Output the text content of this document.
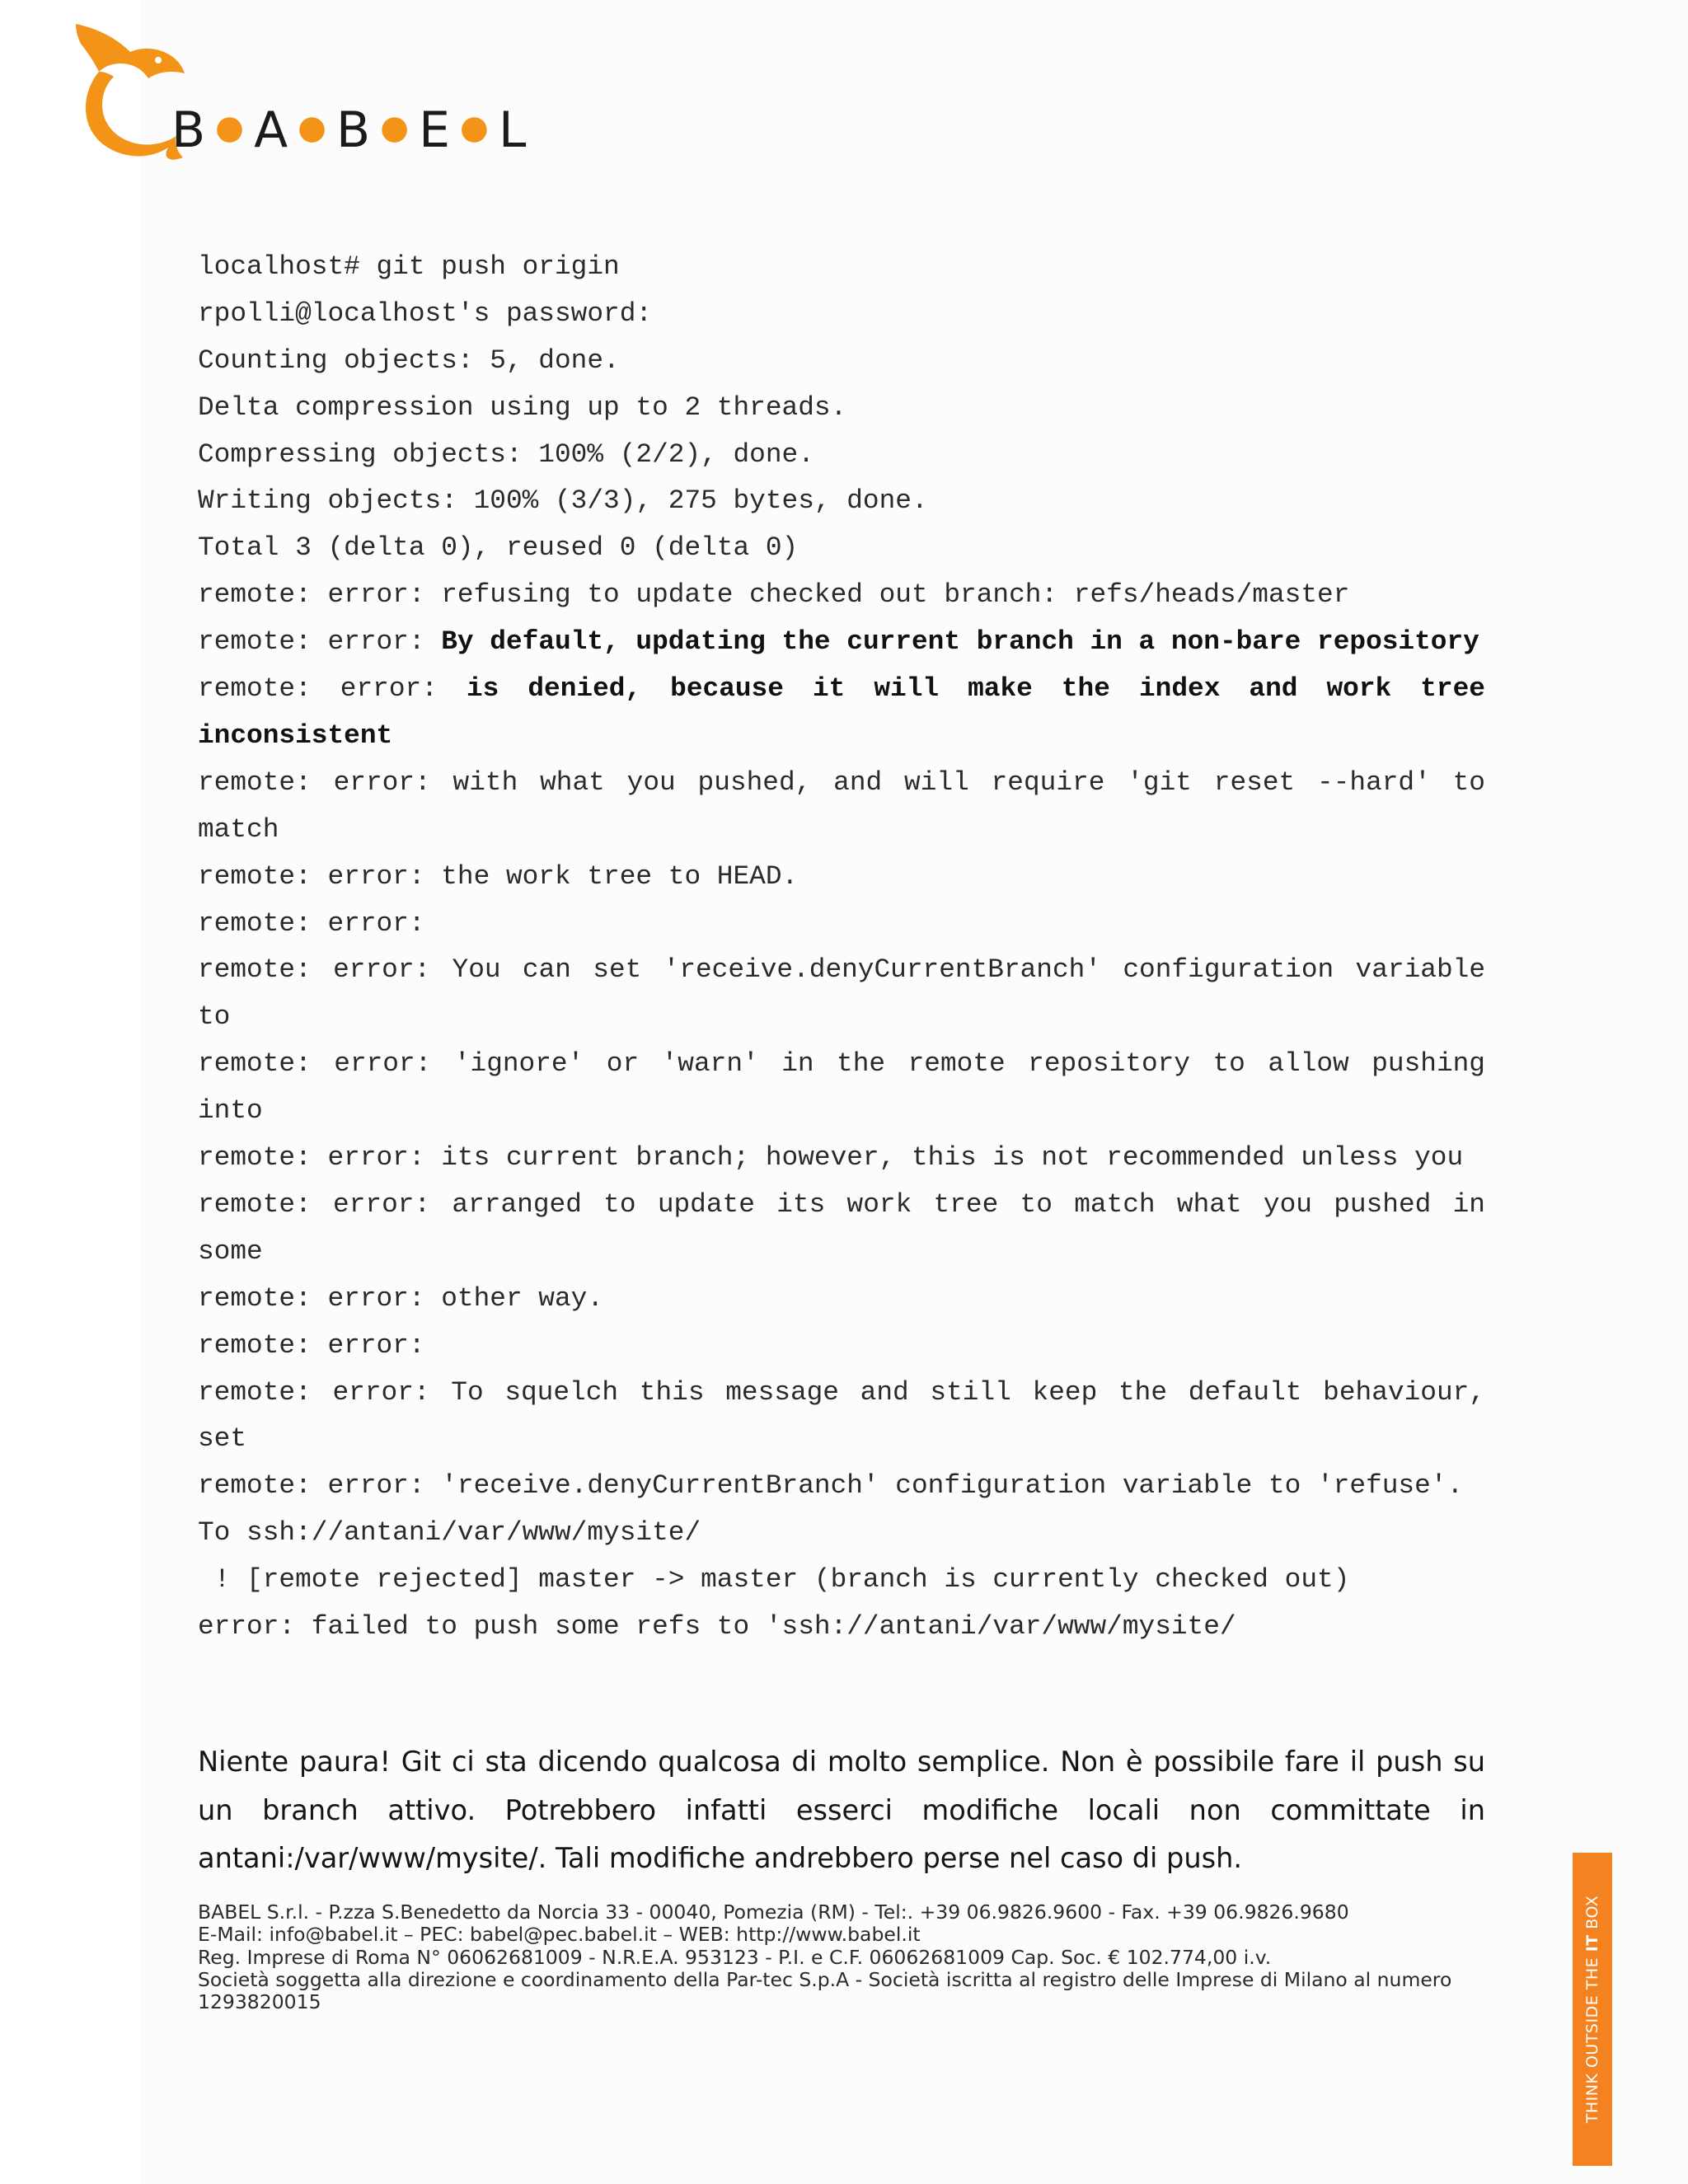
B ● A ● B ● E ● L
localhost# git push origin
rpolli@localhost's password:
Counting objects: 5, done.
Delta compression using up to 2 threads.
Compressing objects: 100% (2/2), done.
Writing objects: 100% (3/3), 275 bytes, done.
Total 3 (delta 0), reused 0 (delta 0)
remote: error: refusing to update checked out branch: refs/heads/master
remote: error: By default, updating the current branch in a non-bare repository
remote: error: is denied, because it will make the index and work tree inconsistent
remote: error: with what you pushed, and will require 'git reset --hard' to match
remote: error: the work tree to HEAD.
remote: error:
remote: error: You can set 'receive.denyCurrentBranch' configuration variable to
remote: error: 'ignore' or 'warn' in the remote repository to allow pushing into
remote: error: its current branch; however, this is not recommended unless you
remote: error: arranged to update its work tree to match what you pushed in some
remote: error: other way.
remote: error:
remote: error: To squelch this message and still keep the default behaviour, set
remote: error: 'receive.denyCurrentBranch' configuration variable to 'refuse'.
To ssh://antani/var/www/mysite/
! [remote rejected] master -> master (branch is currently checked out)
error: failed to push some refs to 'ssh://antani/var/www/mysite/

Niente paura! Git ci sta dicendo qualcosa di molto semplice. Non è possibile fare il push su un branch attivo. Potrebbero infatti esserci modifiche locali non committate in antani:/var/www/mysite/. Tali modifiche andrebbero perse nel caso di push.

BABEL S.r.l. - P.zza S.Benedetto da Norcia 33 - 00040, Pomezia (RM) - Tel:. +39 06.9826.9600 - Fax. +39 06.9826.9680
E-Mail: info@babel.it – PEC: babel@pec.babel.it – WEB: http://www.babel.it
Reg. Imprese di Roma N° 06062681009 - N.R.E.A. 953123 - P.I. e C.F. 06062681009 Cap. Soc. € 102.774,00 i.v.
Società soggetta alla direzione e coordinamento della Par-tec S.p.A - Società iscritta al registro delle Imprese di Milano al numero
1293820015	THINK OUTSIDE THE IT BOX
